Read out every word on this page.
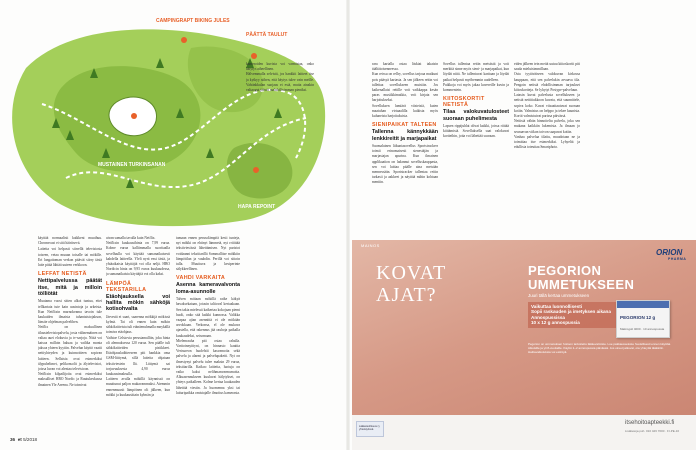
CAMPINGRAPT BIKING JULES
PÄÄTTÄ TAULUT
MUSTAINEN TURKINSANAN
HAPA REPOINT

käyttää normaalisti kaikkeni muuthuu. Chromecast ei sitä häiritsevä.

Laitetta voi helposti siirrellä televisiosta toiseen, vetaa muuan toisalle tai mökille. Eri langattoman verkon pitävät siirry tästä laite pitää lähtää uuteen verkkoon.

LEFFAT NETISTÄ
Nettipalvelussa päätät itse, mitä ja milloin tölliötät

Muutama vuosi sitten alkoi tuntua, ettei tellkartaia tute kain uusintoja ja arkeista. Kun Netflixin marnokeama tavoin tule kaukaiden ilmaista tuhantaistojakson, länsite ohjelman palveliben.
Netflix on maksullinen tilaustelevisiopalvelu, josta välinemäinen on valtaa auei elokuvia ja tv-sarjoja. Niitä voi katsoa milloin haluaa ja vailtka monta jaksoa yhteen kyytiin. Palvelun käyttö vaatii nettiyhteyden ja kuinnoitteen sopivan laitteen. Sellaisia ovat esimerkiksi älypuhelimet, pelikonsolit ja älytelevisiot, joissa luvan voi alentaa televisioon.
Netflixin kilpailijoita ovat esimerkiksi maksulliset HBO Nordic ja Ruutukeskussa ilmainen Yle Areena. Ne toimivat

aivan samalla tavalla kuin Netflix.
Netflixin kuukausihinta on 7,99 euroa. Kolme euroa kalliimmalla suoritaalla sovelluulla voi käyttää samanaikaisesti kahdella laitteella. Yleli nyrä ensi tästä, ja yhtäaikaisia käyttäjiä voi olla neljä. HBO Nordicin hinta on 9,95 euroa kuukaudessa, ja samanaikaisia käyttäjiä voi olla kaksi.

LÄMPÖÄ TEKSTARILLA
Etäohjauksella voi hallita mökin sähköjä kotisohvalta

Järvestä ei saari, saarenna mökkijä mökissä kylmä. Tai oli ennen kuin mökin sähkölaitteista tuli etänäenuhmalla mnykällä toimiva etäohjaus.
Vaihtoe Celsiovia perustamalliin, joka hinta oli alennuksessa 120 euroa. Sen päälle tuli sähkölaitteiden pistikkeet. Etäohjausladitteeseen piti hankkia oma GSM-liittymä, sillä laitetta ohjataan tekstiviestein llä. Liittymä sai torjuvuuksesta 4,90 euroa kuukausimaksulla.
Laitteen avulla mökillä käynnissä on muuttunut paljon mukavammaksi. Aiemmin ennenmuusit lämpöinen oli jälkeen, kun mökki ja kuukausittain kylmän ja

tamaan ennen perusolämpöä kesti tunteja, nyt mökki on ehtinyt lämmetä, nyt rriiittää tekstiviestissä lähettämisen. Nyt paristot voidaanni tekstitarillä Sommallitse mökkiin lämpötilan ja vauhdin. Perillä voi sittoin tulla. Muuttuva ja kesiperinte sälykkeellinen.

VAHDI VARKAITA
Asenna kameravalvonta loma-asunnolle

Talven mittaan mökillä raike käkyä havaksekataan, jotasin taltioval kertaakaan. Sen takia mielessä kaikertaa kokojaan piemi huoli, onko sitä kaikki kunnossa. Valikka vaapaa ajian asennittä ei ole mitkään arvokkaan. Verkonsa, el ole mukava ajastella, että rakennus jää rauhoja paikalla kuukaudeksi, seisomaan.
Mielenrauha piti ostaa rahalla. Varttoinnyittyni, on hinnasto kaattia Verisureon huolehtii kasvamoita sekä palvelu ja alarmi ja palvelupaketti. Nyt on ilmestynyt palvelu tulee maksin 29 euroa, tekstitarilla. Kaikoo laitteita, luotuja on vaiko kaksi nelihmanvarmumoita. Alkuasennukseen kuuluvat hälytykset, on yhteys paikalleen. Kolme kertaa kuukauden lähettää viestin. Ja huomenna yksi tai laituripaikka omistajalle ilmoitus kamerasta.

kameroiden kuvista voi varmistaa, onko hätytys aiheellinen.
Hälvemmalla selvistä, jos hankkii laitteet itse ja kytkyy stiben, että häytys tulee vain meille. Vahtinkkulan suojaus ei estä, mutta ainakin valtaogut jäävät mahdollisimman pieniksi.

rara kartalla ostaa läskiat takaisin täältätoisenneessa.
Kun reissu on rellry, sovellus tarjoaa matkuni pois pääsyä kartasta. Ja sen jälkeen reitin voi tallettaa sovellukseen muistiin. Jos kaikenallaisi reitille voit vaikkappa kesän paras musiikkimatkia, voit kirjata sen harjoitukseksi.
Sovelluksen lumiärä viisteisiä, kuten maatuhan virtuaalilla kaikista myös kuluneista harjoituksista.

SIENIPAIKAT TALTEEN
Tallenna kännykkään lenkkireitit ja marjapaikat

Suomalainen liikuntasovellus Sportstrackerr toimii erinomaisesti sienestäjän ja marjastajan apurina. Kun ilmainen applikaation on ladannut sovelluskauppasta, sen voi laittaa päälle aina metsään mennessään. Sportstracker tallentaa reitin tarkasti ja aakkeet ja näyttää mihin kohtaan mentiin.

Sovellus tallentaa reitin metsästä ja voit merkitä sinne myös sieni- ja marjapaikat, kun löydät niitä. Ne tallentuvat karttaan ja löydät paikat helposti myöhemmin uudelleen.
Paikkoja voi myös jakaa kavereille kuvin ja kommentein.

KIITOSKORTIT NETISTÄ
Tilaa valokuvatulosteet suoraan puhelimesta

Lapsen rippijuhlat olivat kaikki, joissa riittää kiittämistä. Sovelluksella saat valokuvat kortteihin, joita voi lähettää suoraan.

eiden jälkeen tein meitä uutuu kiitoskortit piti saada mieluisimmillaan.
Osta tyytäväiseen valokuvan kirkossa kauppaan, että sen palvelukin arvaava tila. Pengoin netistä ehdollisimman tarjoukset kiitoskortteja. Se lyhytyi Postype-palveluun.
Latasin kuvat palvelusta sovellukseen ja netistä nettitiukkoon kuvata, että suunnittele, sopiva koko. Kuvat viisaattautuvat suoraan kotiin. Valmistus on helppo ja tekee kaunista. Kortit valmistuivat parissa päivässä.
Netiistä vähän hinnoiteltu palvelu, joka sen mukana kaikkiin lukemista. Ja ilmaan jo seuraavan viikon toivon saapuvat kotiin.
Vanhaa palvelua tilattu, muudotaan ne ja toimittaa itse esimerkiksi. Lyhyeltä ja edullista toteuttaa Smartphoto.

MAINOS
KOVAT AJAT?
ORION
PHARMA
PEGORION UMMETUKSEEN
Juuri tällä kertaa ummetukseen
Vaikuttaa luonnollisesti
Sopii raskauden ja imetyksen aikana
Annospussissa
10 x 12 g annospussia
PEGORION 12 g
Makrogoli 4000 · 10 annospussia
Pegorion on ummetuksen hoitoon tarkoitettu lääkevalmiste. Lue pakkausseloste huolellisesti ennen käyttöä. Aikuisille ja yli 8-vuotiaille. Käyttö 1–2 annospussia päivässä. Jos oireet jatkuvat, ota yhteyttä lääkäriin. Haittavaikutuksia voi esiintyä.
Lääketeollisuus ry
yhteistyössä
itsehoitoapteekki.fi
Lisätietoja puh. 010 426 7000 · FI-PE-16
36 et 5/2018
